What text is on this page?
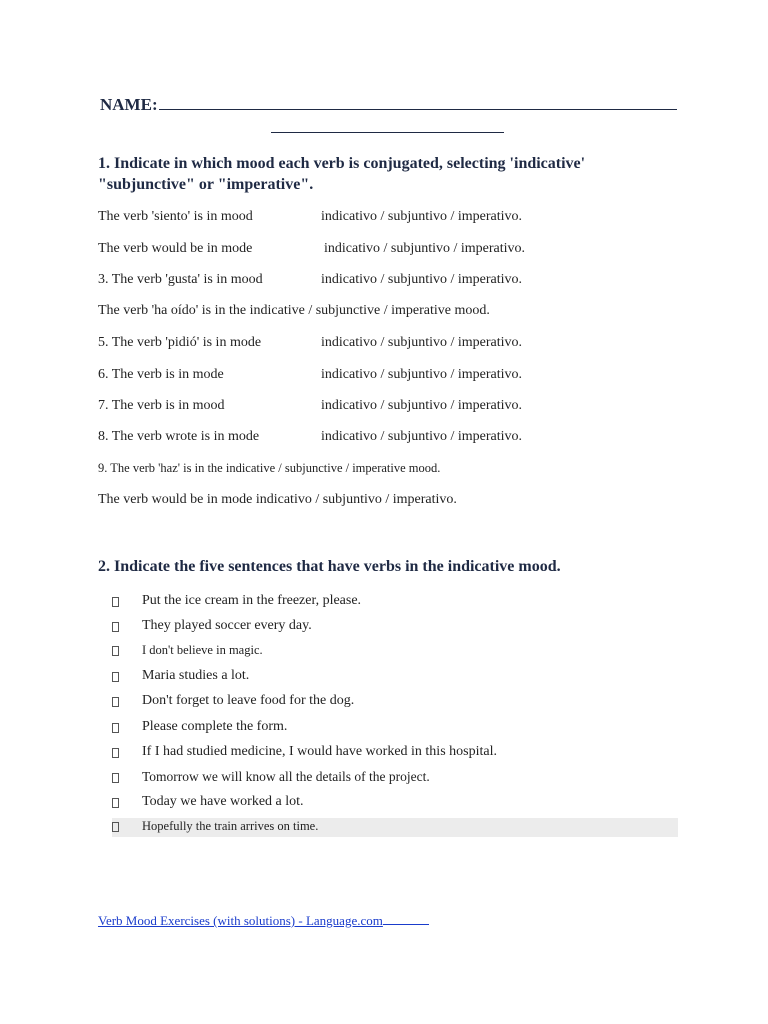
NAME:
1. Indicate in which mood each verb is conjugated, selecting 'indicative' "subjunctive" or "imperative".
The verb 'siento' is in mood	indicativo / subjuntivo / imperativo.
The verb would be in mode	indicativo / subjuntivo / imperativo.
3. The verb 'gusta' is in mood	indicativo / subjuntivo / imperativo.
The verb 'ha oído' is in the indicative / subjunctive / imperative mood.
5. The verb 'pidió' is in mode	indicativo / subjuntivo / imperativo.
6. The verb is in mode	indicativo / subjuntivo / imperativo.
7. The verb is in mood	indicativo / subjuntivo / imperativo.
8. The verb wrote is in mode	indicativo / subjuntivo / imperativo.
9. The verb 'haz' is in the indicative / subjunctive / imperative mood.
The verb would be in mode indicativo / subjuntivo / imperativo.
2. Indicate the five sentences that have verbs in the indicative mood.
Put the ice cream in the freezer, please.
They played soccer every day.
I don't believe in magic.
Maria studies a lot.
Don't forget to leave food for the dog.
Please complete the form.
If I had studied medicine, I would have worked in this hospital.
Tomorrow we will know all the details of the project.
Today we have worked a lot.
Hopefully the train arrives on time.
Verb Mood Exercises (with solutions) - Language.com
